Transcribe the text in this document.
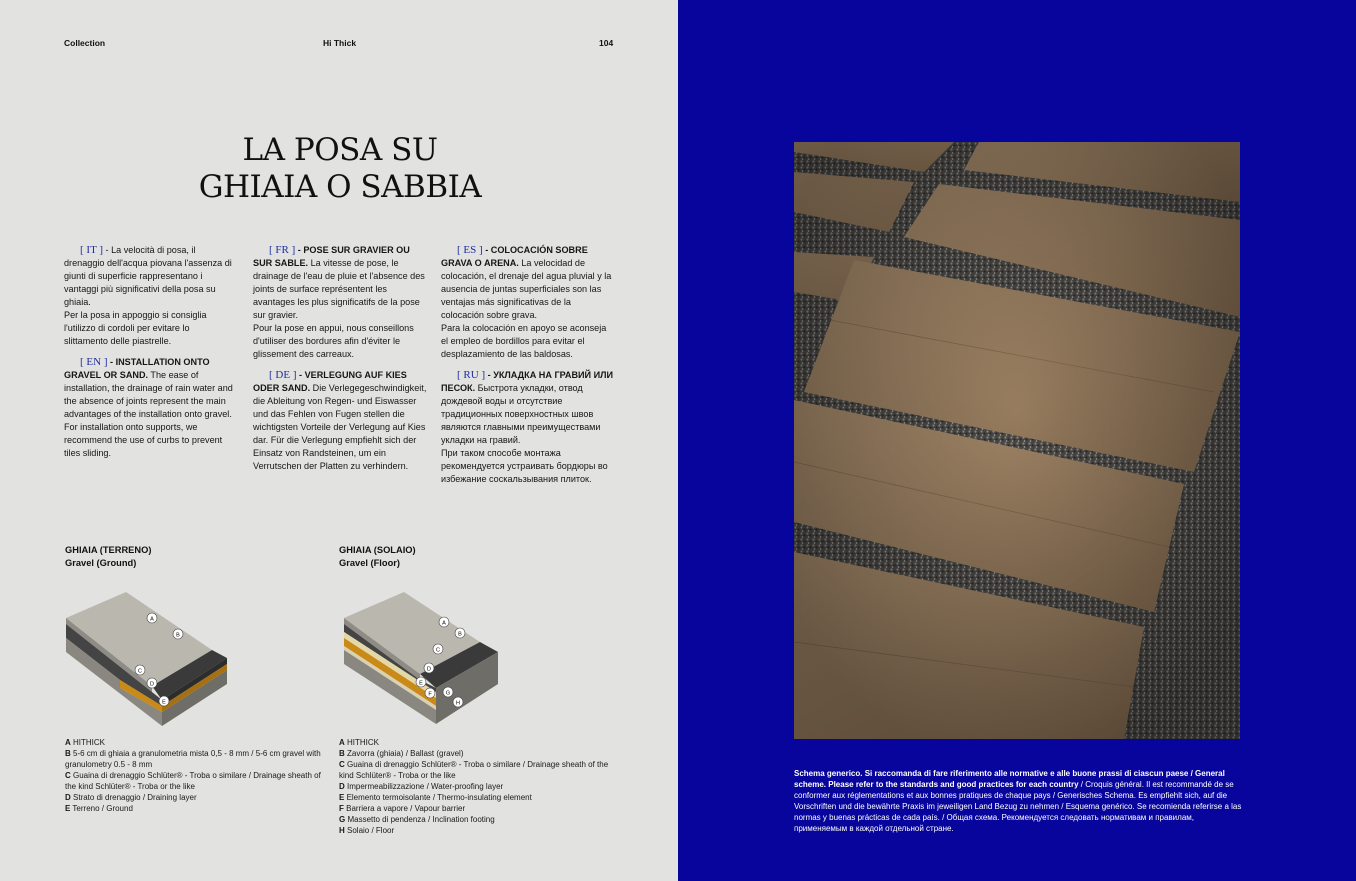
Collection	Hi Thick	104
LA POSA SU
GHIAIA O SABBIA

[ IT ] - La velocità di posa, il drenaggio dell'acqua piovana l'assenza di giunti di superficie rappresentano i vantaggi più significativi della posa su ghiaia.

Per la posa in appoggio si consiglia l'utilizzo di cordoli per evitare lo slittamento delle piastrelle.

[ EN ] - INSTALLATION ONTO GRAVEL OR SAND. The ease of installation, the drainage of rain water and the absence of joints represent the main advantages of the installation onto gravel.

For installation onto supports, we recommend the use of curbs to prevent tiles sliding.

[ FR ] - POSE SUR GRAVIER OU SUR SABLE. La vitesse de pose, le drainage de l'eau de pluie et l'absence des joints de surface représentent les avantages les plus significatifs de la pose sur gravier.

Pour la pose en appui, nous conseillons d'utiliser des bordures afin d'éviter le glissement des carreaux.

[ DE ] - VERLEGUNG AUF KIES ODER SAND. Die Verlegegeschwindigkeit, die Ableitung von Regen- und Eiswasser und das Fehlen von Fugen stellen die wichtigsten Vorteile der Verlegung auf Kies dar. Für die Verlegung empfiehlt sich der Einsatz von Randsteinen, um ein Verrutschen der Platten zu verhindern.

[ ES ] - COLOCACIÓN SOBRE GRAVA O ARENA. La velocidad de colocación, el drenaje del agua pluvial y la ausencia de juntas superficiales son las ventajas más significativas de la colocación sobre grava.

Para la colocación en apoyo se aconseja el empleo de bordillos para evitar el desplazamiento de las baldosas.

[ RU ] - УКЛАДКА НА ГРАВИЙ ИЛИ ПЕСОК. Быстрота укладки, отвод дождевой воды и отсутствие традиционных поверхностных швов являются главными преимуществами укладки на гравий.

При таком способе монтажа рекомендуется устраивать бордюры во избежание соскальзывания плиток.

GHIAIA (TERRENO)
Gravel (Ground)
GHIAIA (SOLAIO)
Gravel (Floor)
A
B
C
D
E
A
B
C
D
E
F	G
H
A HITHICK
B 5-6 cm di ghiaia a granulometria mista 0,5 - 8 mm / 5-6 cm gravel with granulometry 0.5 - 8 mm
C Guaina di drenaggio Schlüter® - Troba o similare / Drainage sheath of the kind Schlüter® - Troba or the like
D Strato di drenaggio / Draining layer
E Terreno / Ground
A HITHICK
B Zavorra (ghiaia) / Ballast (gravel)
C Guaina di drenaggio Schlüter® - Troba o similare / Drainage sheath of the kind Schlüter® - Troba or the like
D Impermeabilizzazione / Water-proofing layer
E Elemento termoisolante / Thermo-insulating element
F Barriera a vapore / Vapour barrier
G Massetto di pendenza / Inclination footing
H Solaio / Floor
Schema generico. Si raccomanda di fare riferimento alle normative e alle buone prassi di ciascun paese / General scheme. Please refer to the standards and good practices for each country / Croquis général. Il est recommandé de se conformer aux réglementations et aux bonnes pratiques de chaque pays / Generisches Schema. Es empfiehlt sich, auf die Vorschriften und die bewährte Praxis im jeweiligen Land Bezug zu nehmen / Esquema genérico. Se recomienda referirse a las normas y buenas prácticas de cada país. / Общая схема. Рекомендуется следовать нормативам и правилам, применяемым в каждой отдельной стране.
